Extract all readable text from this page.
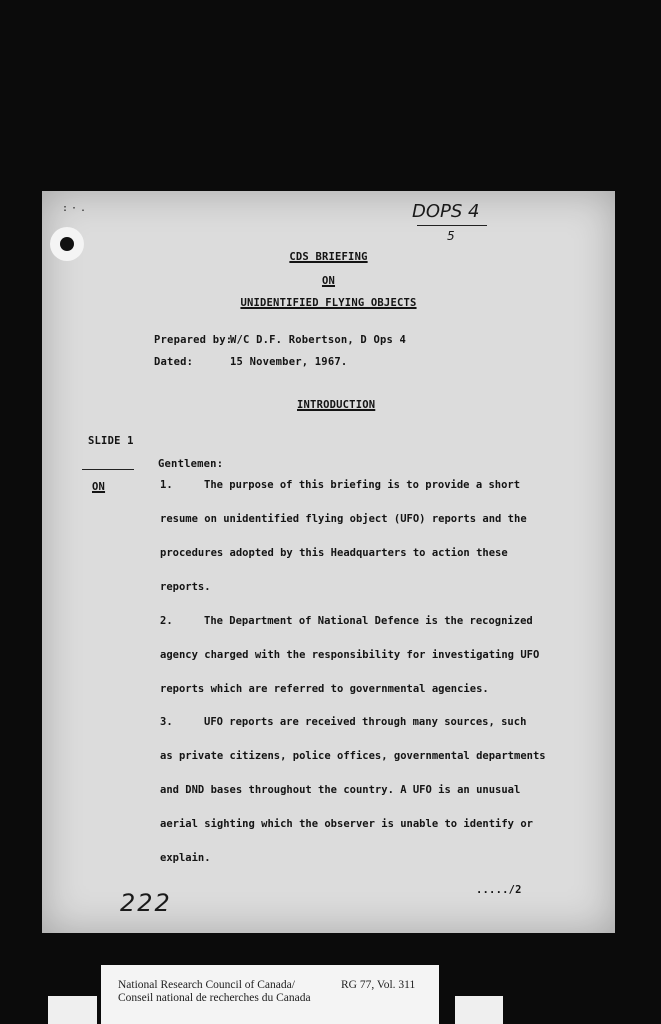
:·.	DOPS 4
5
CDS BRIEFING
ON
UNIDENTIFIED FLYING OBJECTS
Prepared by:
W/C D.F. Robertson, D Ops 4
Dated:	15 November, 1967.
INTRODUCTION
SLIDE 1
ON
Gentlemen:
1.	The purpose of this briefing is to provide a short
resume on unidentified flying object (UFO) reports and the
procedures adopted by this Headquarters to action these
reports.
2.	The Department of National Defence is the recognized
agency charged with the responsibility for investigating UFO
reports which are referred to governmental agencies.
3.	UFO reports are received through many sources, such
as private citizens, police offices, governmental departments
and DND bases throughout the country. A UFO is an unusual
aerial sighting which the observer is unable to identify or
explain.
...../2
222
National Research Council of Canada/
Conseil national de recherches du Canada
RG 77, Vol. 311
